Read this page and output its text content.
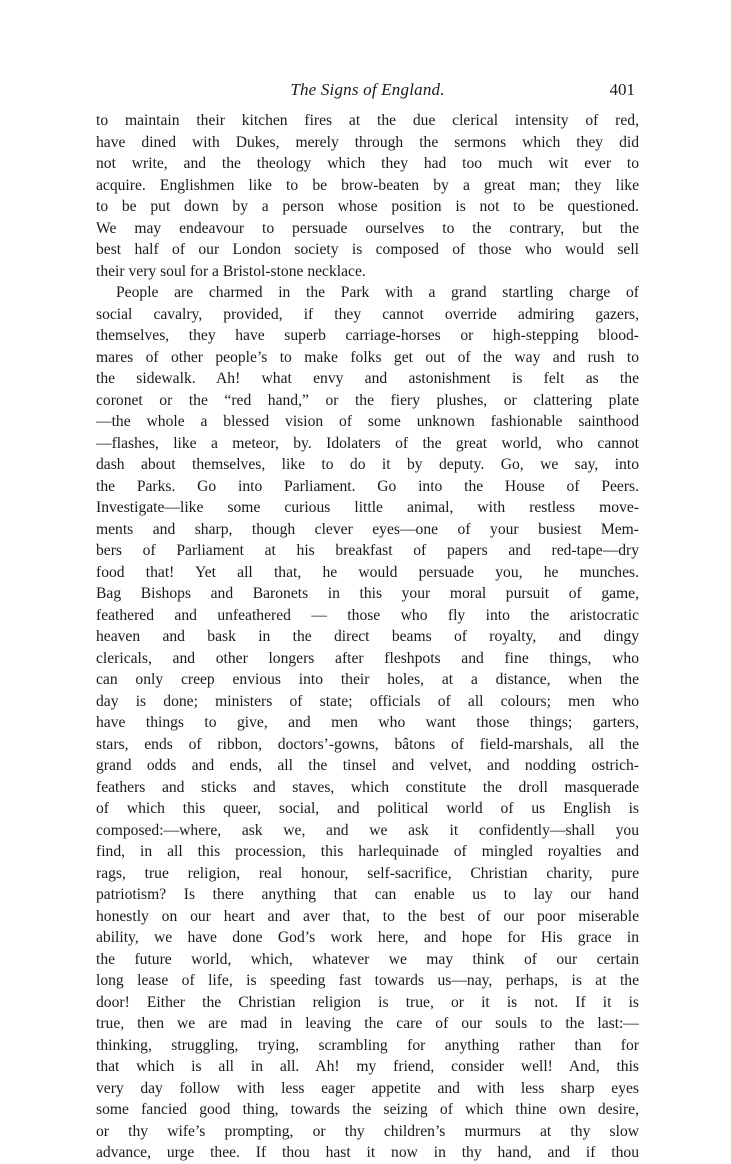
The Signs of England.	401
to maintain their kitchen fires at the due clerical intensity of red,
have dined with Dukes, merely through the sermons which they did
not write, and the theology which they had too much wit ever to
acquire. Englishmen like to be brow-beaten by a great man; they like
to be put down by a person whose position is not to be questioned.
We may endeavour to persuade ourselves to the contrary, but the
best half of our London society is composed of those who would sell
their very soul for a Bristol-stone necklace.
People are charmed in the Park with a grand startling charge of
social cavalry, provided, if they cannot override admiring gazers,
themselves, they have superb carriage-horses or high-stepping blood-
mares of other people’s to make folks get out of the way and rush to
the sidewalk. Ah! what envy and astonishment is felt as the
coronet or the “red hand,” or the fiery plushes, or clattering plate
—the whole a blessed vision of some unknown fashionable sainthood
—flashes, like a meteor, by. Idolaters of the great world, who cannot
dash about themselves, like to do it by deputy. Go, we say, into
the Parks. Go into Parliament. Go into the House of Peers.
Investigate—like some curious little animal, with restless move-
ments and sharp, though clever eyes—one of your busiest Mem-
bers of Parliament at his breakfast of papers and red-tape—dry
food that! Yet all that, he would persuade you, he munches.
Bag Bishops and Baronets in this your moral pursuit of game,
feathered and unfeathered — those who fly into the aristocratic
heaven and bask in the direct beams of royalty, and dingy
clericals, and other longers after fleshpots and fine things, who
can only creep envious into their holes, at a distance, when the
day is done; ministers of state; officials of all colours; men who
have things to give, and men who want those things; garters,
stars, ends of ribbon, doctors’-gowns, bâtons of field-marshals, all the
grand odds and ends, all the tinsel and velvet, and nodding ostrich-
feathers and sticks and staves, which constitute the droll masquerade
of which this queer, social, and political world of us English is
composed:—where, ask we, and we ask it confidently—shall you
find, in all this procession, this harlequinade of mingled royalties and
rags, true religion, real honour, self-sacrifice, Christian charity, pure
patriotism? Is there anything that can enable us to lay our hand
honestly on our heart and aver that, to the best of our poor miserable
ability, we have done God’s work here, and hope for His grace in
the future world, which, whatever we may think of our certain
long lease of life, is speeding fast towards us—nay, perhaps, is at the
door! Either the Christian religion is true, or it is not. If it is
true, then we are mad in leaving the care of our souls to the last:—
thinking, struggling, trying, scrambling for anything rather than for
that which is all in all. Ah! my friend, consider well! And, this
very day follow with less eager appetite and with less sharp eyes
some fancied good thing, towards the seizing of which thine own desire,
or thy wife’s prompting, or thy children’s murmurs at thy slow
advance, urge thee. If thou hast it now in thy hand, and if thou
